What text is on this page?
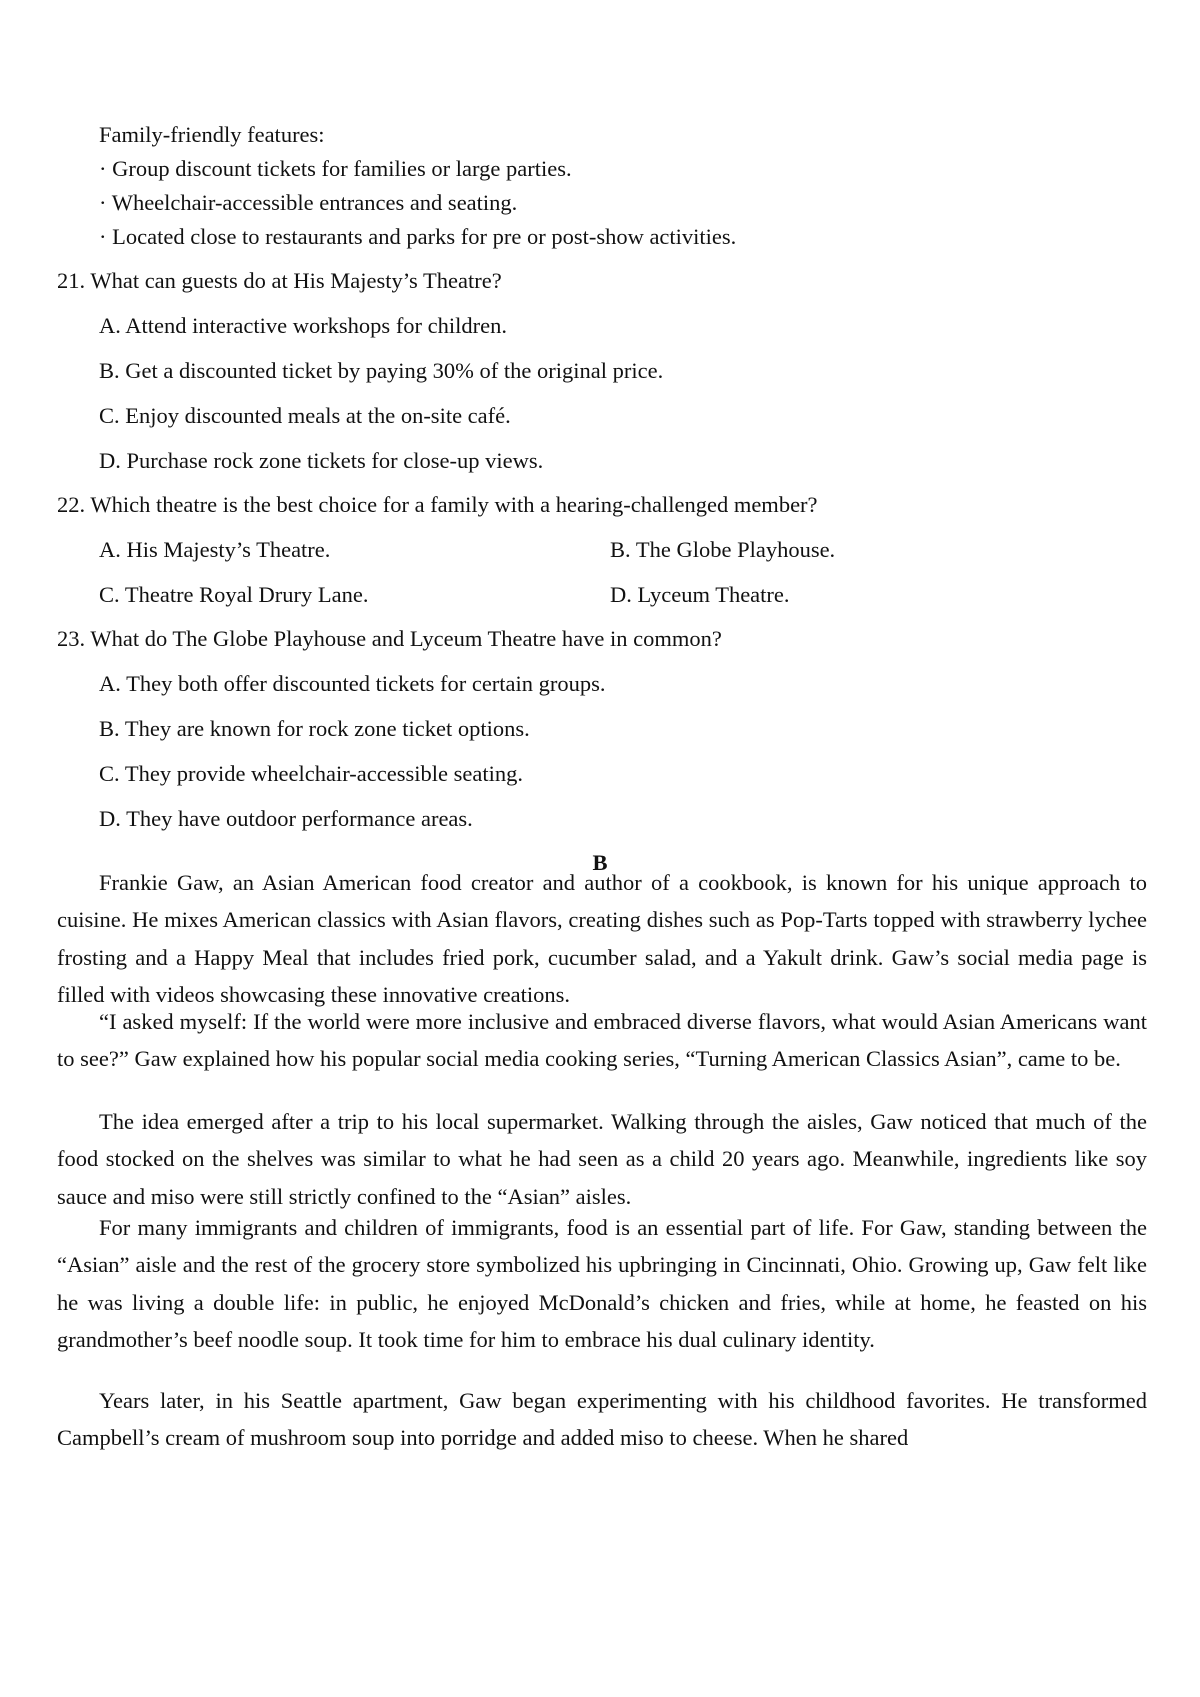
Family-friendly features:
· Group discount tickets for families or large parties.
· Wheelchair-accessible entrances and seating.
· Located close to restaurants and parks for pre or post-show activities.
21. What can guests do at His Majesty’s Theatre?
A. Attend interactive workshops for children.
B. Get a discounted ticket by paying 30% of the original price.
C. Enjoy discounted meals at the on-site café.
D. Purchase rock zone tickets for close-up views.
22. Which theatre is the best choice for a family with a hearing-challenged member?
A. His Majesty’s Theatre.	B. The Globe Playhouse.
C. Theatre Royal Drury Lane.	D. Lyceum Theatre.
23. What do The Globe Playhouse and Lyceum Theatre have in common?
A. They both offer discounted tickets for certain groups.
B. They are known for rock zone ticket options.
C. They provide wheelchair-accessible seating.
D. They have outdoor performance areas.
B
Frankie Gaw, an Asian American food creator and author of a cookbook, is known for his unique approach to cuisine. He mixes American classics with Asian flavors, creating dishes such as Pop-Tarts topped with strawberry lychee frosting and a Happy Meal that includes fried pork, cucumber salad, and a Yakult drink. Gaw’s social media page is filled with videos showcasing these innovative creations.
“I asked myself: If the world were more inclusive and embraced diverse flavors, what would Asian Americans want to see?” Gaw explained how his popular social media cooking series, “Turning American Classics Asian”, came to be.
The idea emerged after a trip to his local supermarket. Walking through the aisles, Gaw noticed that much of the food stocked on the shelves was similar to what he had seen as a child 20 years ago. Meanwhile, ingredients like soy sauce and miso were still strictly confined to the “Asian” aisles.
For many immigrants and children of immigrants, food is an essential part of life. For Gaw, standing between the “Asian” aisle and the rest of the grocery store symbolized his upbringing in Cincinnati, Ohio. Growing up, Gaw felt like he was living a double life: in public, he enjoyed McDonald’s chicken and fries, while at home, he feasted on his grandmother’s beef noodle soup. It took time for him to embrace his dual culinary identity.
Years later, in his Seattle apartment, Gaw began experimenting with his childhood favorites. He transformed Campbell’s cream of mushroom soup into porridge and added miso to cheese. When he shared
